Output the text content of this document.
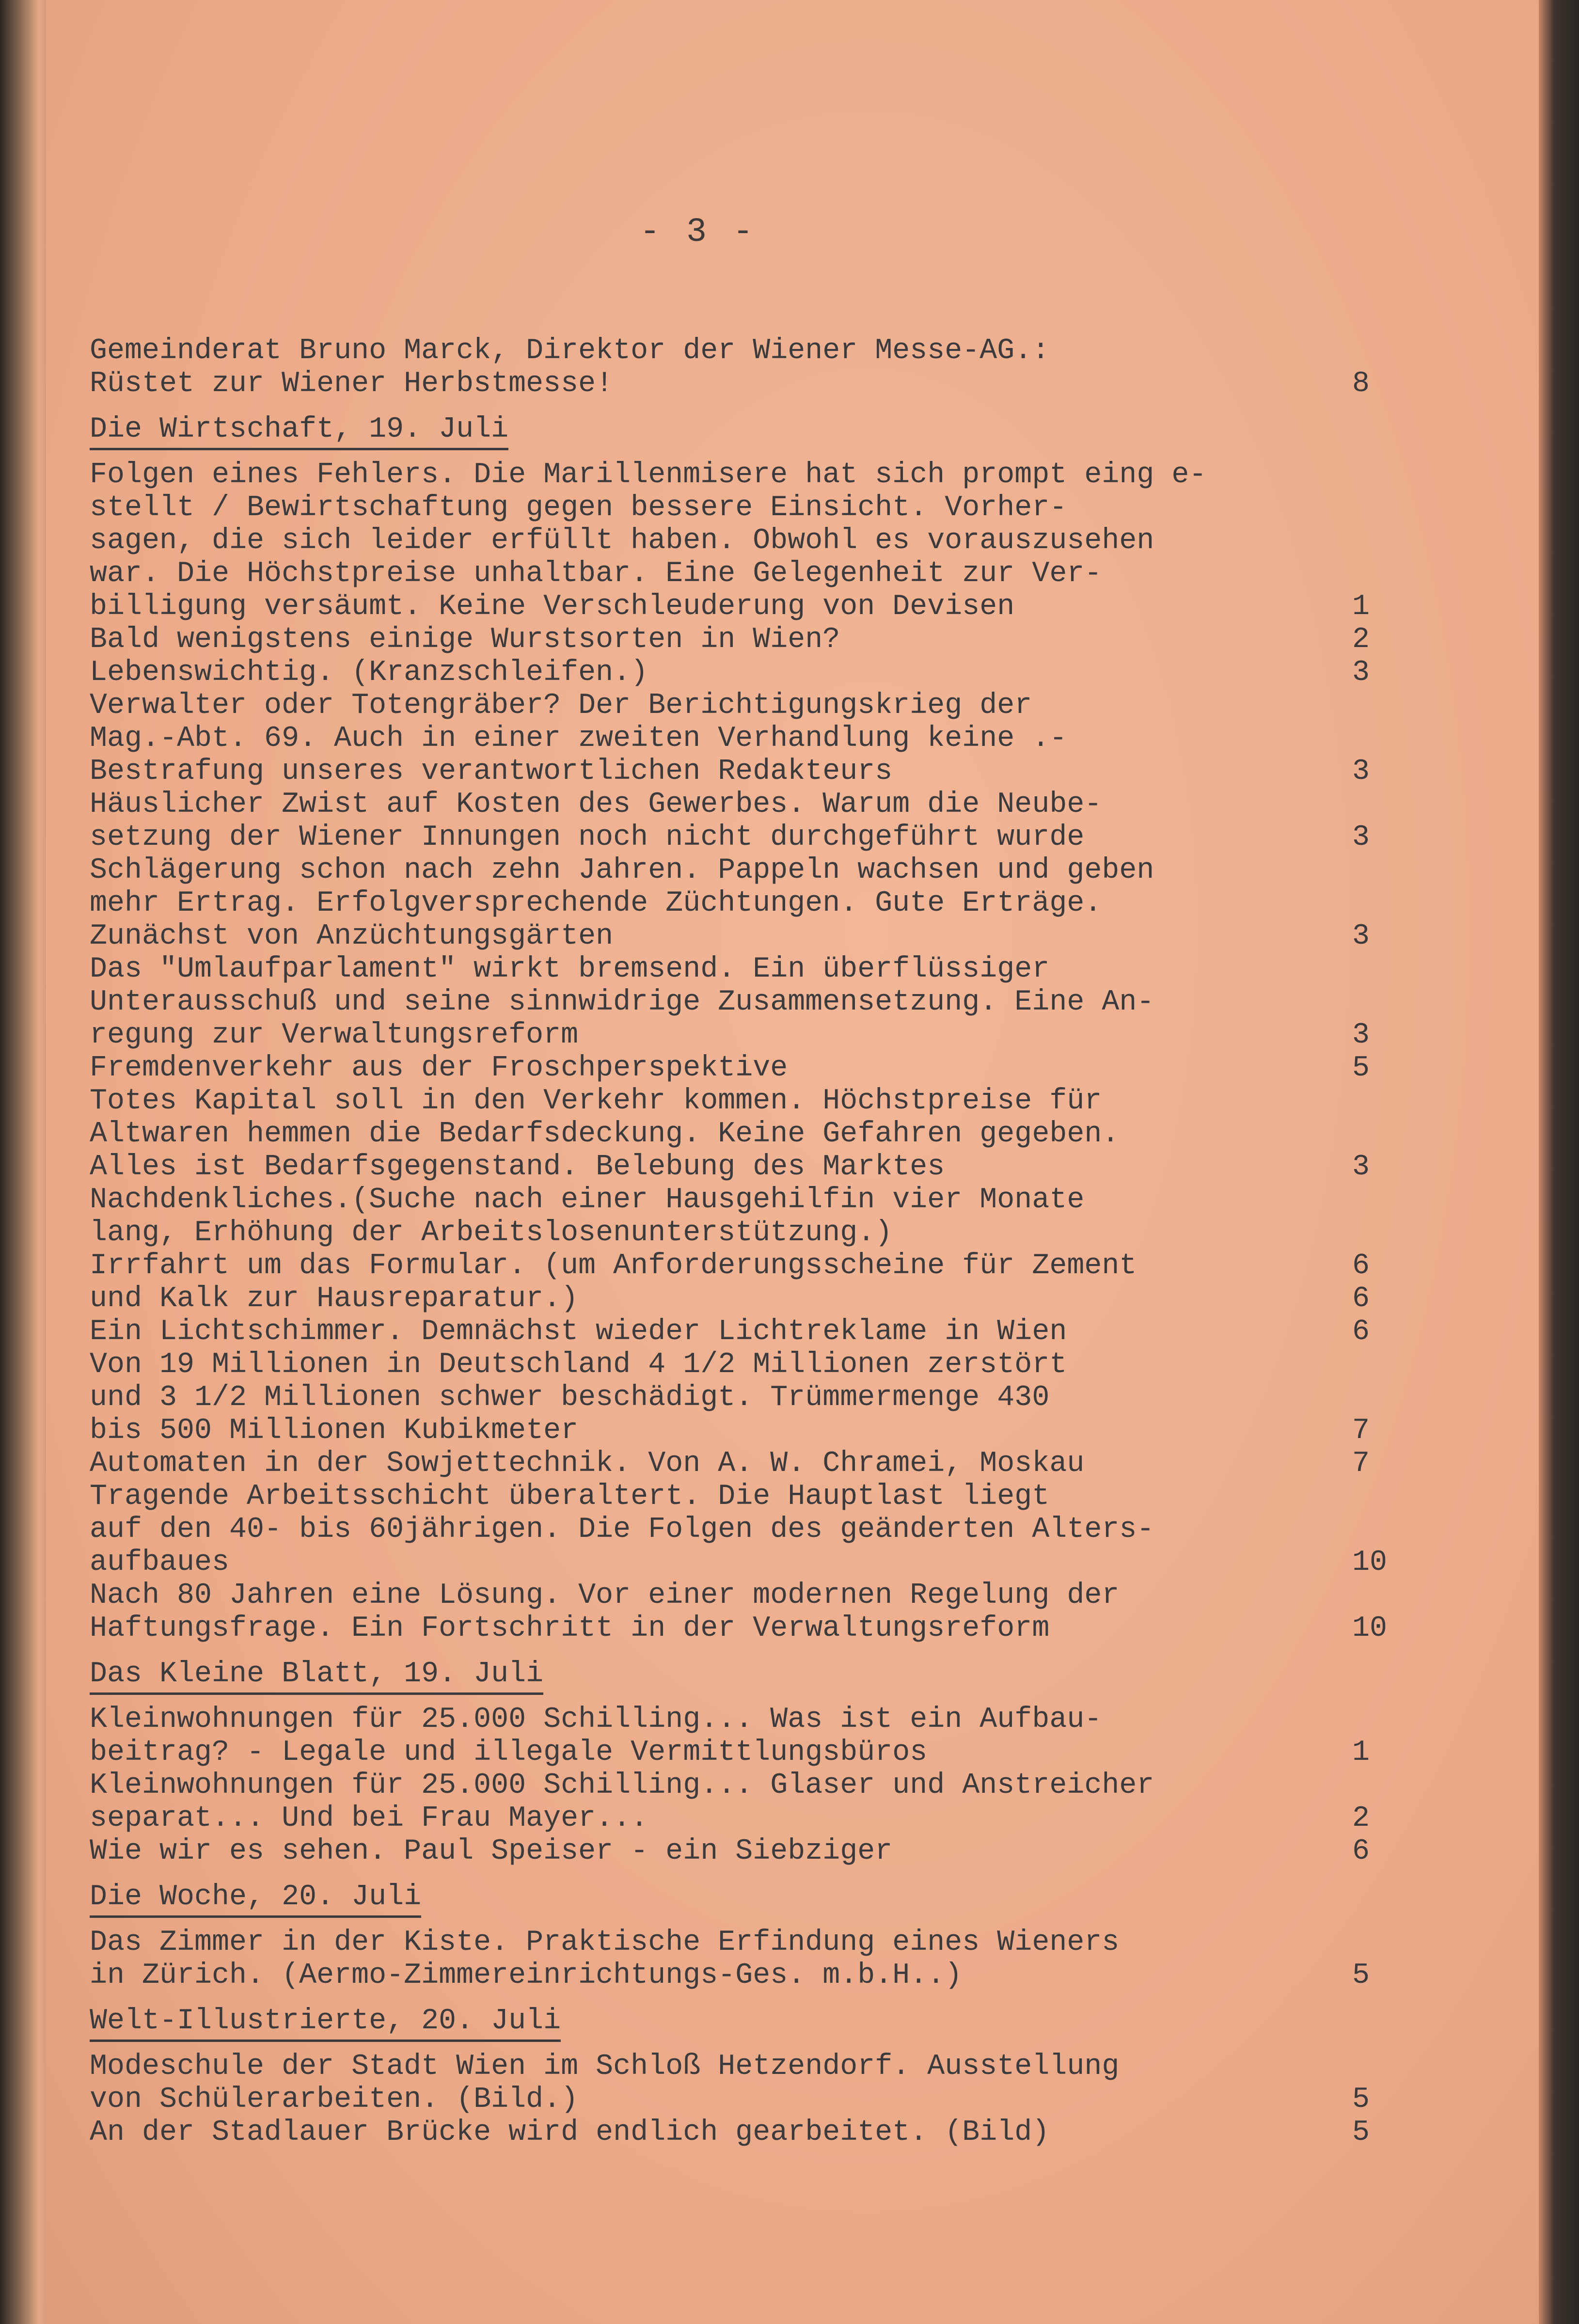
- 3 -
Gemeinderat Bruno Marck, Direktor der Wiener Messe-AG.:
Rüstet zur Wiener Herbstmesse!	8
Die Wirtschaft, 19. Juli
Folgen eines Fehlers. Die Marillenmisere hat sich prompt eing e-
stellt / Bewirtschaftung gegen bessere Einsicht. Vorher-
sagen, die sich leider erfüllt haben. Obwohl es vorauszusehen
war. Die Höchstpreise unhaltbar. Eine Gelegenheit zur Ver-
billigung versäumt. Keine Verschleuderung von Devisen	1
Bald wenigstens einige Wurstsorten in Wien?	2
Lebenswichtig. (Kranzschleifen.)	3
Verwalter oder Totengräber? Der Berichtigungskrieg der
Mag.-Abt. 69. Auch in einer zweiten Verhandlung keine .-
Bestrafung unseres verantwortlichen Redakteurs	3
Häuslicher Zwist auf Kosten des Gewerbes. Warum die Neube-
setzung der Wiener Innungen noch nicht durchgeführt wurde	3
Schlägerung schon nach zehn Jahren. Pappeln wachsen und geben
mehr Ertrag. Erfolgversprechende Züchtungen. Gute Erträge.
Zunächst von Anzüchtungsgärten	3
Das "Umlaufparlament" wirkt bremsend. Ein überflüssiger
Unterausschuß und seine sinnwidrige Zusammensetzung. Eine An-
regung zur Verwaltungsreform	3
Fremdenverkehr aus der Froschperspektive	5
Totes Kapital soll in den Verkehr kommen. Höchstpreise für
Altwaren hemmen die Bedarfsdeckung. Keine Gefahren gegeben.
Alles ist Bedarfsgegenstand. Belebung des Marktes	3
Nachdenkliches.(Suche nach einer Hausgehilfin vier Monate
lang, Erhöhung der Arbeitslosenunterstützung.)
Irrfahrt um das Formular. (um Anforderungsscheine für Zement	6
und Kalk zur Hausreparatur.)	6
Ein Lichtschimmer. Demnächst wieder Lichtreklame in Wien	6
Von 19 Millionen in Deutschland 4 1/2 Millionen zerstört
und 3 1/2 Millionen schwer beschädigt. Trümmermenge 430
bis 500 Millionen Kubikmeter	7
Automaten in der Sowjettechnik. Von A. W. Chramei, Moskau	7
Tragende Arbeitsschicht überaltert. Die Hauptlast liegt
auf den 40- bis 60jährigen. Die Folgen des geänderten Alters-
aufbaues	10
Nach 80 Jahren eine Lösung. Vor einer modernen Regelung der
Haftungsfrage. Ein Fortschritt in der Verwaltungsreform	10
Das Kleine Blatt, 19. Juli
Kleinwohnungen für 25.000 Schilling... Was ist ein Aufbau-
beitrag? - Legale und illegale Vermittlungsbüros	1
Kleinwohnungen für 25.000 Schilling... Glaser und Anstreicher
separat... Und bei Frau Mayer...	2
Wie wir es sehen. Paul Speiser - ein Siebziger	6
Die Woche, 20. Juli
Das Zimmer in der Kiste. Praktische Erfindung eines Wieners
in Zürich. (Aermo-Zimmereinrichtungs-Ges. m.b.H..)	5
Welt-Illustrierte, 20. Juli
Modeschule der Stadt Wien im Schloß Hetzendorf. Ausstellung
von Schülerarbeiten. (Bild.)	5
An der Stadlauer Brücke wird endlich gearbeitet. (Bild)	5
